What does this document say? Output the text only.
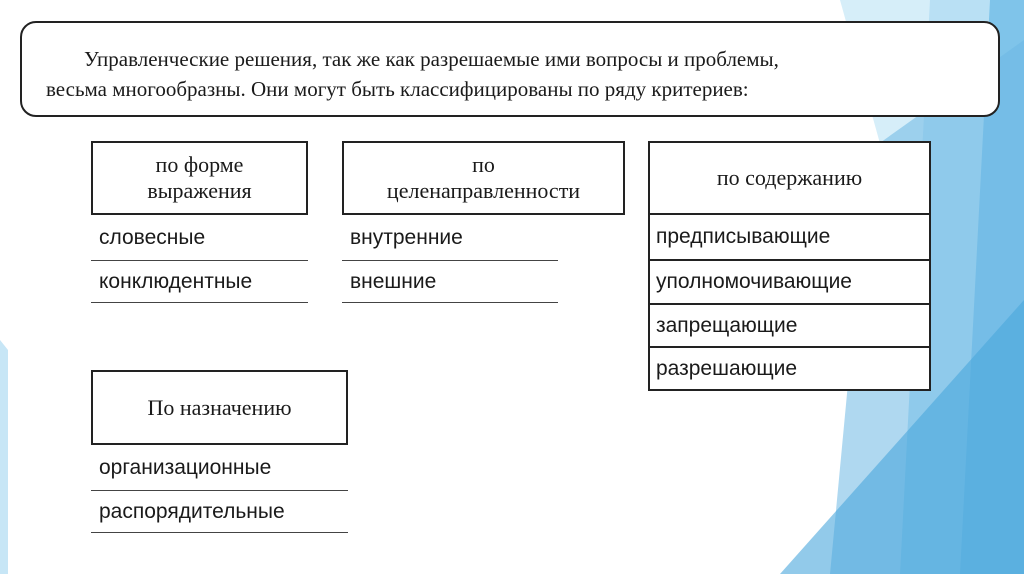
Управленческие решения, так же как разрешаемые ими вопросы и проблемы,
весьма многообразны. Они могут быть классифицированы по ряду критериев:
по форме
выражения
словесные
конклюдентные
по
целенаправленности
внутренние
внешние
по содержанию
предписывающие
уполномочивающие
запрещающие
разрешающие
По назначению
организационные
распорядительные
